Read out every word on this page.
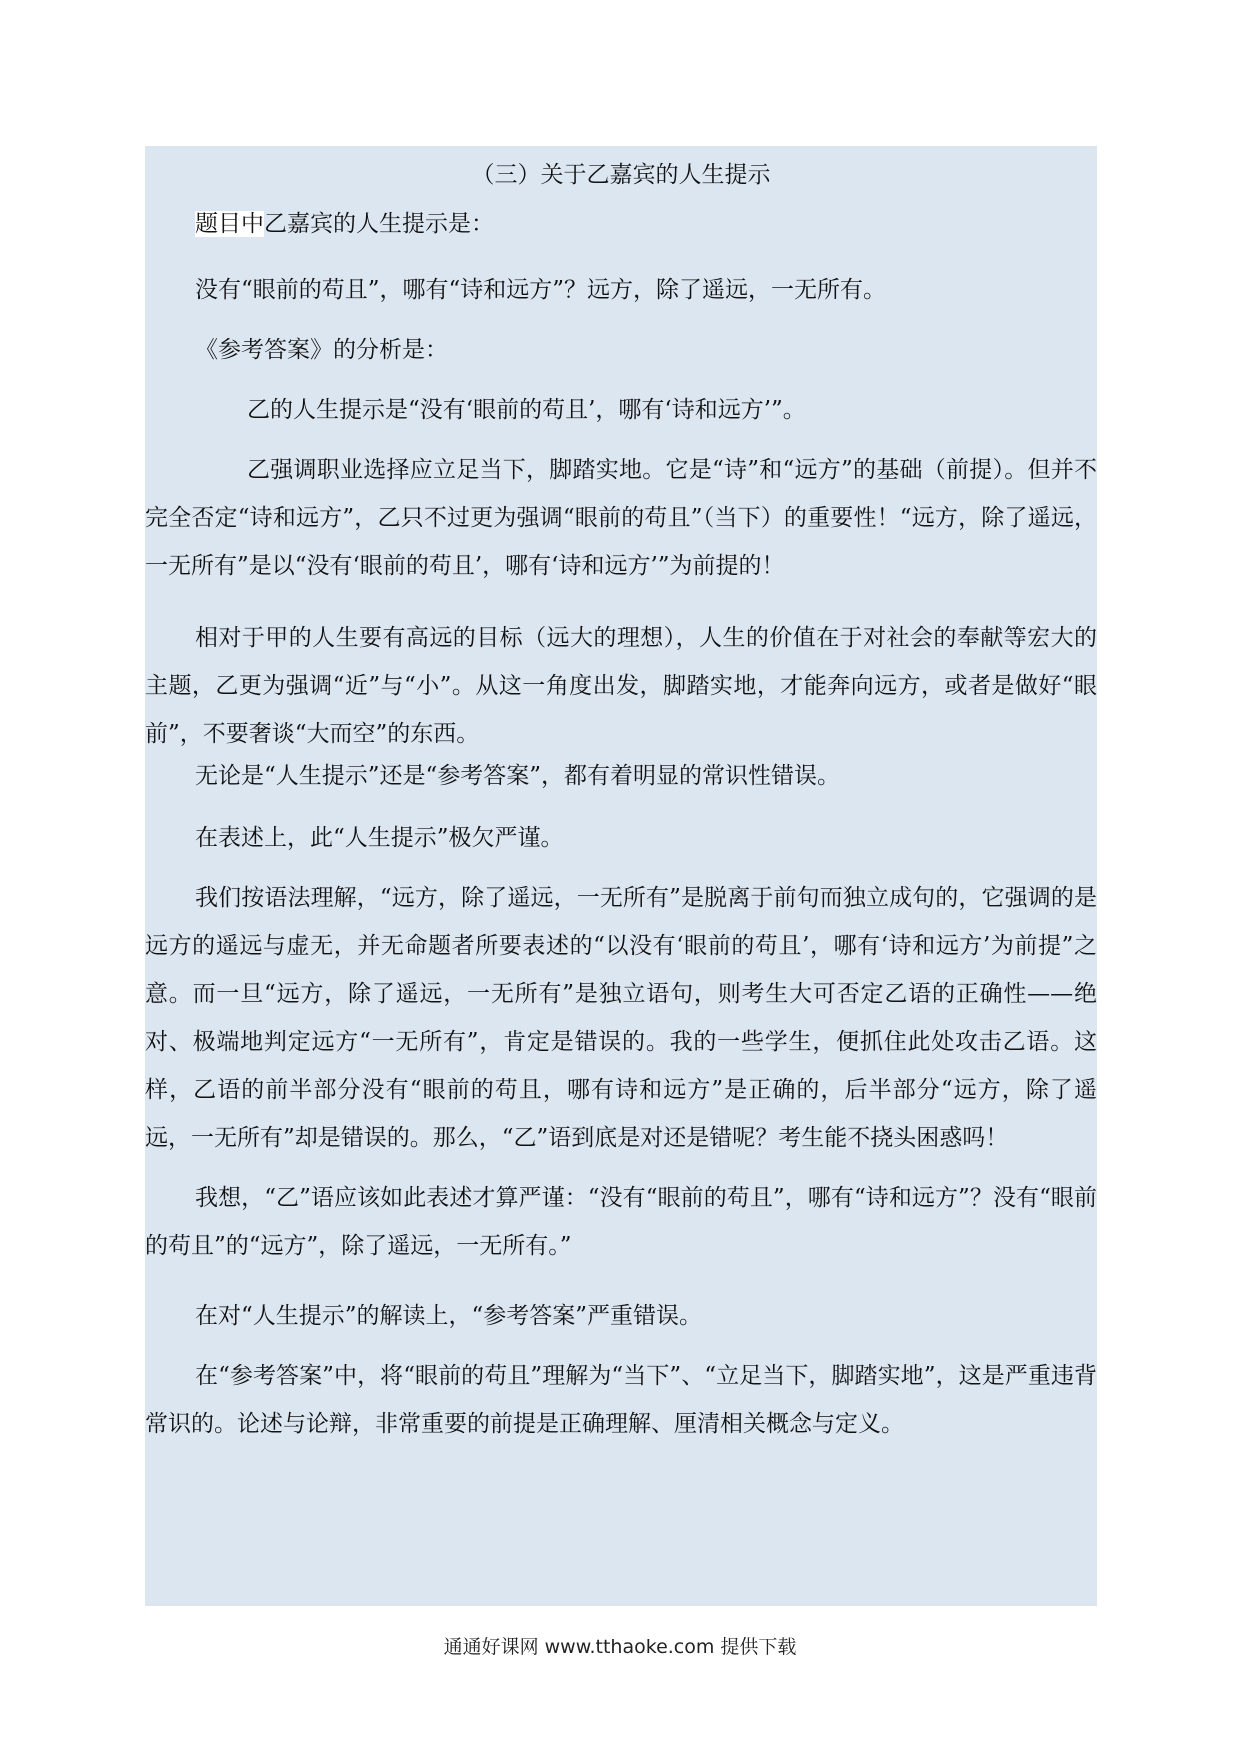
（三）关于乙嘉宾的人生提示

题目中乙嘉宾的人生提示是：

没有“眼前的苟且”，哪有“诗和远方”？远方，除了遥远，一无所有。

《参考答案》的分析是：

乙的人生提示是“没有‘眼前的苟且’，哪有‘诗和远方’”。

乙强调职业选择应立足当下，脚踏实地。它是“诗”和“远方”的基础（前提）。但并不完全否定“诗和远方”，乙只不过更为强调“眼前的苟且”（当下）的重要性！“远方，除了遥远，一无所有”是以“没有‘眼前的苟且’，哪有‘诗和远方’”为前提的！

相对于甲的人生要有高远的目标（远大的理想），人生的价值在于对社会的奉献等宏大的主题，乙更为强调“近”与“小”。从这一角度出发，脚踏实地，才能奔向远方，或者是做好“眼前”，不要奢谈“大而空”的东西。

无论是“人生提示”还是“参考答案”，都有着明显的常识性错误。

在表述上，此“人生提示”极欠严谨。

我们按语法理解，“远方，除了遥远，一无所有”是脱离于前句而独立成句的，它强调的是远方的遥远与虚无，并无命题者所要表述的“以没有‘眼前的苟且’，哪有‘诗和远方’为前提”之意。而一旦“远方，除了遥远，一无所有”是独立语句，则考生大可否定乙语的正确性——绝对、极端地判定远方“一无所有”，肯定是错误的。我的一些学生，便抓住此处攻击乙语。这样，乙语的前半部分没有“眼前的苟且，哪有诗和远方”是正确的，后半部分“远方，除了遥远，一无所有”却是错误的。那么，“乙”语到底是对还是错呢？考生能不挠头困惑吗！

我想，“乙”语应该如此表述才算严谨：“没有“眼前的苟且”，哪有“诗和远方”？没有“眼前的苟且”的“远方”，除了遥远，一无所有。”

在对“人生提示”的解读上，“参考答案”严重错误。

在“参考答案”中，将“眼前的苟且”理解为“当下”、“立足当下，脚踏实地”，这是严重违背常识的。论述与论辩，非常重要的前提是正确理解、厘清相关概念与定义。

通通好课网 www.tthaoke.com 提供下载
